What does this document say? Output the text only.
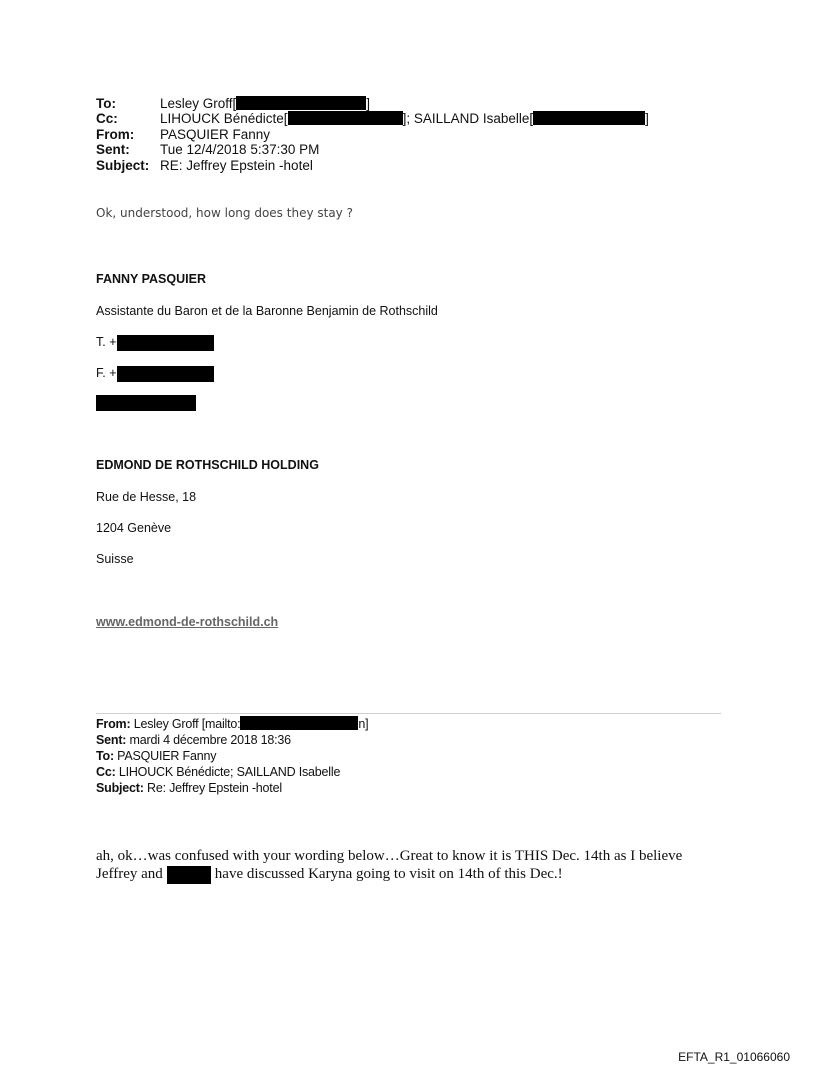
To:	Lesley Groff[	]
Cc:	LIHOUCK Bénédicte[	]; SAILLAND Isabelle[	]
From: PASQUIER Fanny
Sent: Tue 12/4/2018 5:37:30 PM
Subject: RE: Jeffrey Epstein -hotel
Ok, understood, how long does they stay ?
FANNY PASQUIER
Assistante du Baron et de la Baronne Benjamin de Rothschild
T. +
F. +
EDMOND DE ROTHSCHILD HOLDING
Rue de Hesse, 18
1204 Genève
Suisse
www.edmond-de-rothschild.ch
From: Lesley Groff [mailto:	n]
Sent: mardi 4 décembre 2018 18:36
To: PASQUIER Fanny
Cc: LIHOUCK Bénédicte; SAILLAND Isabelle
Subject: Re: Jeffrey Epstein -hotel
ah, ok…was confused with your wording below…Great to know it is THIS Dec. 14th as I believe
Jeffrey and	have discussed Karyna going to visit on 14th of this Dec.!
EFTA_R1_01066060
